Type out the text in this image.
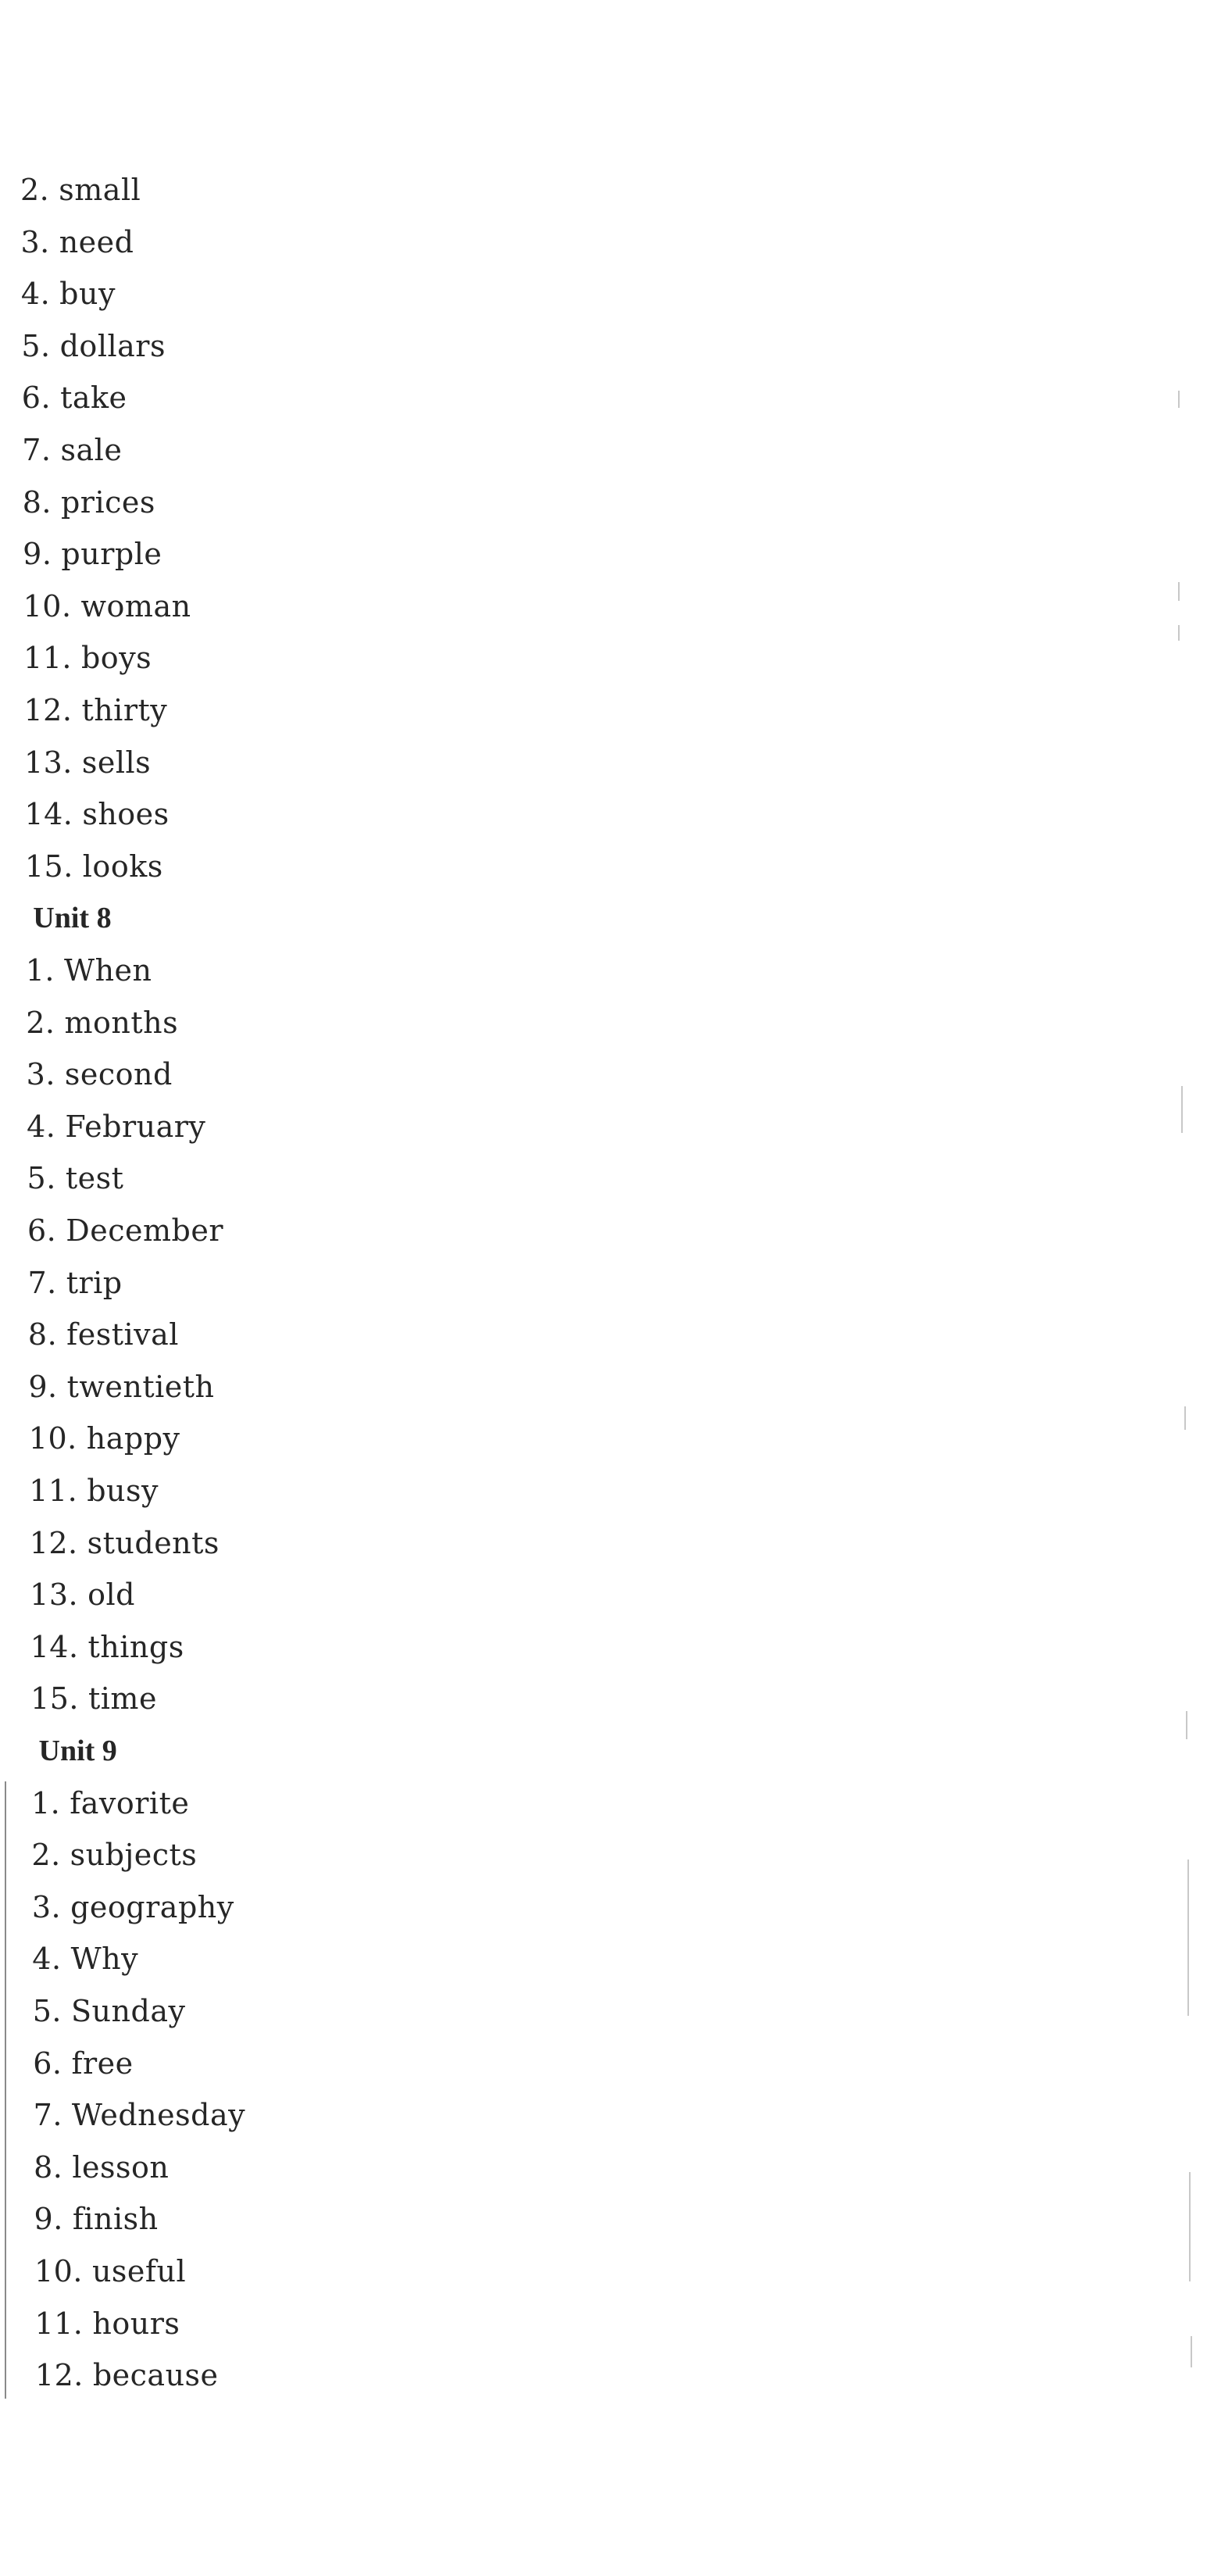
2. small
3. need
4. buy
5. dollars
6. take
7. sale
8. prices
9. purple
10. woman
11. boys
12. thirty
13. sells
14. shoes
15. looks
Unit 8
1. When
2. months
3. second
4. February
5. test
6. December
7. trip
8. festival
9. twentieth
10. happy
11. busy
12. students
13. old
14. things
15. time
Unit 9
1. favorite
2. subjects
3. geography
4. Why
5. Sunday
6. free
7. Wednesday
8. lesson
9. finish
10. useful
11. hours
12. because
